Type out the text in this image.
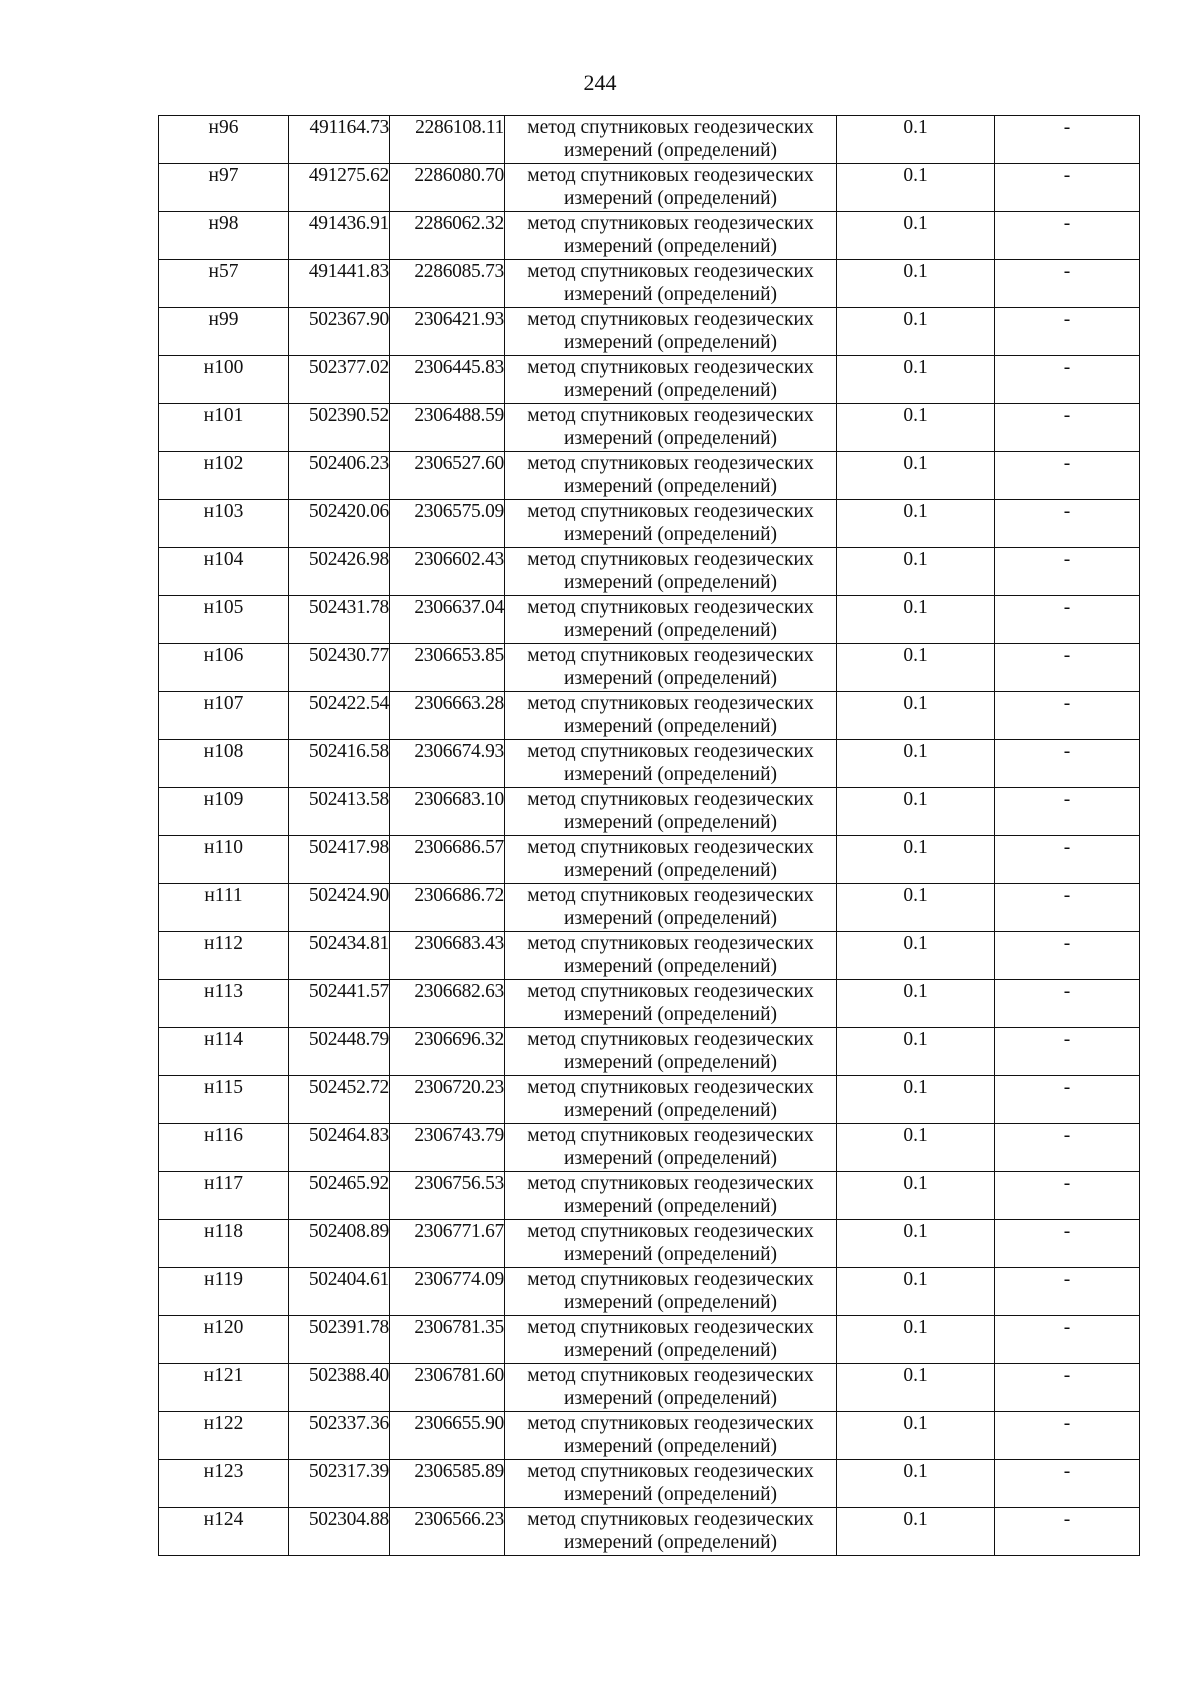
244
н96	491164.73	2286108.11	метод спутниковых геодезических
измерений (определений)	0.1	-
н97	491275.62	2286080.70	метод спутниковых геодезических
измерений (определений)	0.1	-
н98	491436.91	2286062.32	метод спутниковых геодезических
измерений (определений)	0.1	-
н57	491441.83	2286085.73	метод спутниковых геодезических
измерений (определений)	0.1	-
н99	502367.90	2306421.93	метод спутниковых геодезических
измерений (определений)	0.1	-
н100	502377.02	2306445.83	метод спутниковых геодезических
измерений (определений)	0.1	-
н101	502390.52	2306488.59	метод спутниковых геодезических
измерений (определений)	0.1	-
н102	502406.23	2306527.60	метод спутниковых геодезических
измерений (определений)	0.1	-
н103	502420.06	2306575.09	метод спутниковых геодезических
измерений (определений)	0.1	-
н104	502426.98	2306602.43	метод спутниковых геодезических
измерений (определений)	0.1	-
н105	502431.78	2306637.04	метод спутниковых геодезических
измерений (определений)	0.1	-
н106	502430.77	2306653.85	метод спутниковых геодезических
измерений (определений)	0.1	-
н107	502422.54	2306663.28	метод спутниковых геодезических
измерений (определений)	0.1	-
н108	502416.58	2306674.93	метод спутниковых геодезических
измерений (определений)	0.1	-
н109	502413.58	2306683.10	метод спутниковых геодезических
измерений (определений)	0.1	-
н110	502417.98	2306686.57	метод спутниковых геодезических
измерений (определений)	0.1	-
н111	502424.90	2306686.72	метод спутниковых геодезических
измерений (определений)	0.1	-
н112	502434.81	2306683.43	метод спутниковых геодезических
измерений (определений)	0.1	-
н113	502441.57	2306682.63	метод спутниковых геодезических
измерений (определений)	0.1	-
н114	502448.79	2306696.32	метод спутниковых геодезических
измерений (определений)	0.1	-
н115	502452.72	2306720.23	метод спутниковых геодезических
измерений (определений)	0.1	-
н116	502464.83	2306743.79	метод спутниковых геодезических
измерений (определений)	0.1	-
н117	502465.92	2306756.53	метод спутниковых геодезических
измерений (определений)	0.1	-
н118	502408.89	2306771.67	метод спутниковых геодезических
измерений (определений)	0.1	-
н119	502404.61	2306774.09	метод спутниковых геодезических
измерений (определений)	0.1	-
н120	502391.78	2306781.35	метод спутниковых геодезических
измерений (определений)	0.1	-
н121	502388.40	2306781.60	метод спутниковых геодезических
измерений (определений)	0.1	-
н122	502337.36	2306655.90	метод спутниковых геодезических
измерений (определений)	0.1	-
н123	502317.39	2306585.89	метод спутниковых геодезических
измерений (определений)	0.1	-
н124	502304.88	2306566.23	метод спутниковых геодезических
измерений (определений)	0.1	-
